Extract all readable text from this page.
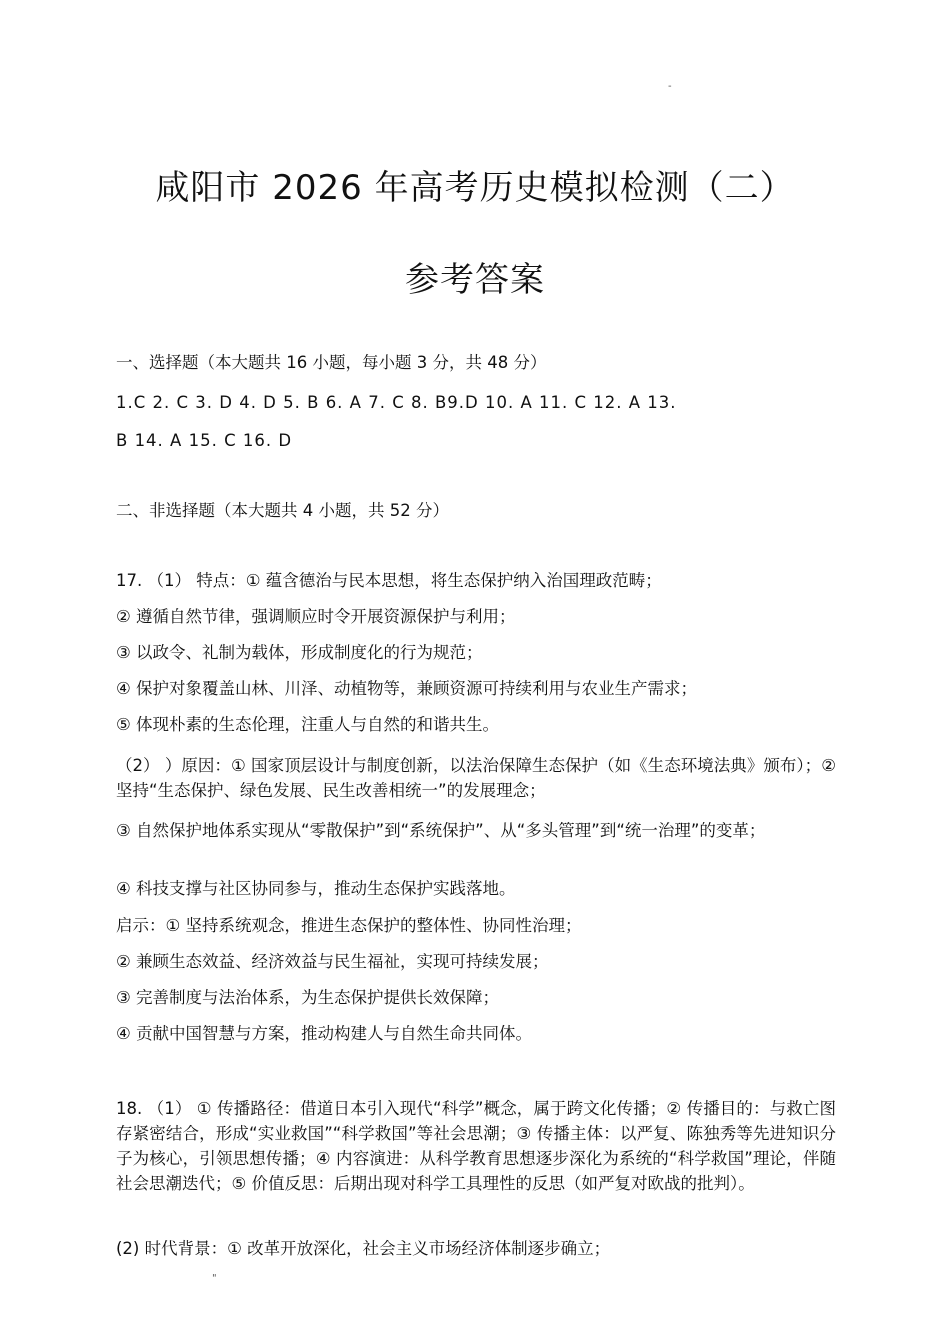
-
咸阳市 2026 年高考历史模拟检测（二）
参考答案

一、选择题（本大题共 16 小题，每小题 3 分，共 48 分）

1.C 2. C 3. D 4. D 5. B 6. A 7. C 8. B9.D 10. A 11. C 12. A 13.

B 14. A 15. C 16. D

二、非选择题（本大题共 4 小题，共 52 分）

17. （1） 特点：① 蕴含德治与民本思想，将生态保护纳入治国理政范畴；

② 遵循自然节律，强调顺应时令开展资源保护与利用；

③ 以政令、礼制为载体，形成制度化的行为规范；

④ 保护对象覆盖山林、川泽、动植物等，兼顾资源可持续利用与农业生产需求；

⑤ 体现朴素的生态伦理，注重人与自然的和谐共生。

（2） ）原因：① 国家顶层设计与制度创新，以法治保障生态保护（如《生态环境法典》颁布）；② 坚持“生态保护、绿色发展、民生改善相统一”的发展理念；

③ 自然保护地体系实现从“零散保护”到“系统保护”、从“多头管理”到“统一治理”的变革；

④ 科技支撑与社区协同参与，推动生态保护实践落地。

启示：① 坚持系统观念，推进生态保护的整体性、协同性治理；

② 兼顾生态效益、经济效益与民生福祉，实现可持续发展；

③ 完善制度与法治体系，为生态保护提供长效保障；

④ 贡献中国智慧与方案，推动构建人与自然生命共同体。

18. （1） ① 传播路径：借道日本引入现代“科学”概念，属于跨文化传播；② 传播目的：与救亡图存紧密结合，形成“实业救国”“科学救国”等社会思潮；③ 传播主体：以严复、陈独秀等先进知识分子为核心，引领思想传播；④ 内容演进：从科学教育思想逐步深化为系统的“科学救国”理论，伴随社会思潮迭代；⑤ 价值反思：后期出现对科学工具理性的反思（如严复对欧战的批判）。

(2) 时代背景：① 改革开放深化，社会主义市场经济体制逐步确立；

"
